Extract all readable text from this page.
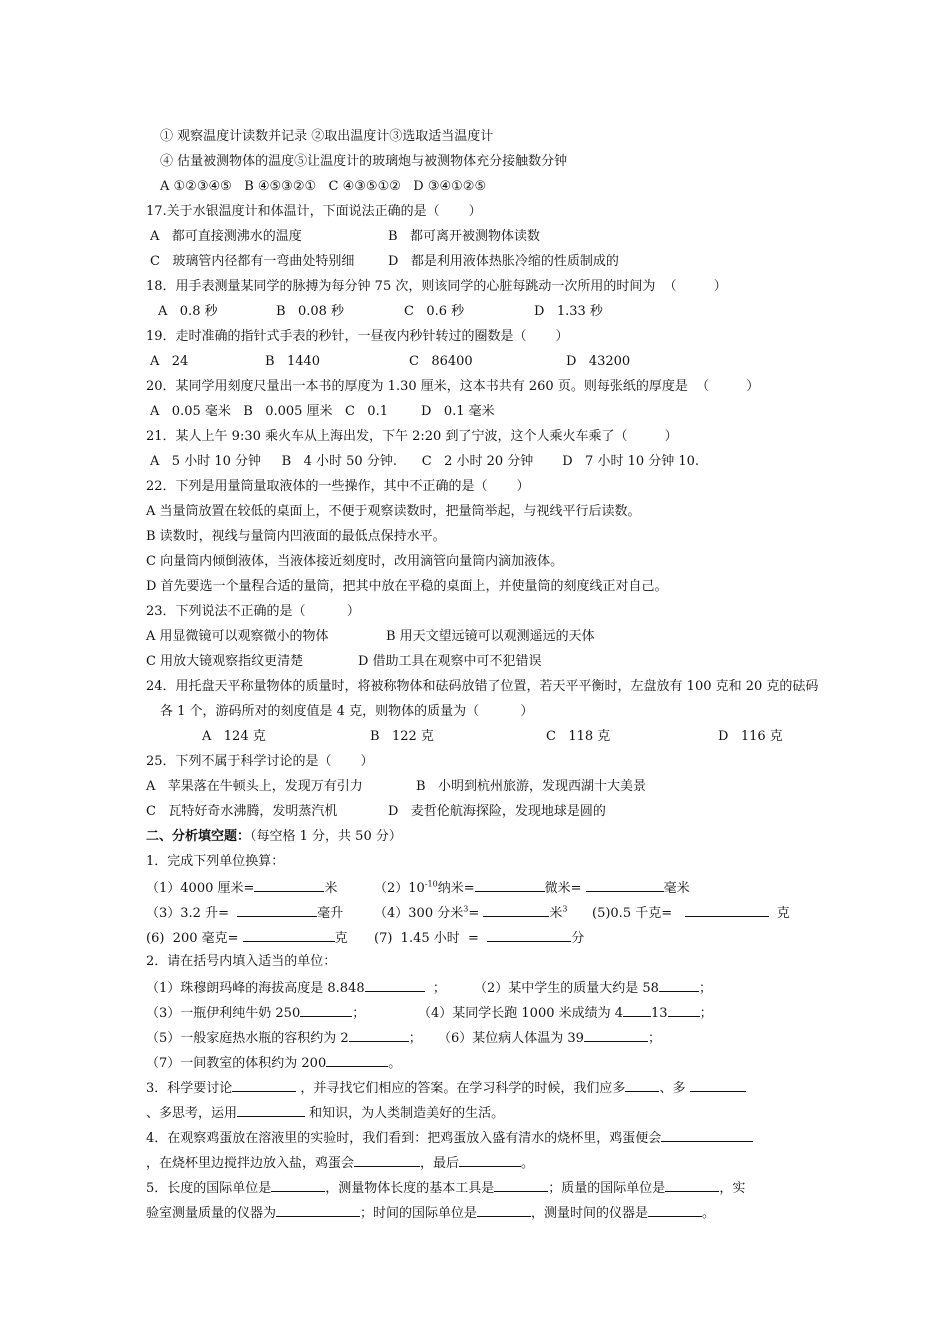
① 观察温度计读数并记录 ②取出温度计③选取适当温度计
④ 估量被测物体的温度⑤让温度计的玻璃炮与被测物体充分接触数分钟
A ①②③④⑤   B ④⑤③②①   C ④③⑤①②   D ③④①②⑤
17.关于水银温度计和体温计，下面说法正确的是（       ）
A   都可直接测沸水的温度	B   都可离开被测物体读数
C   玻璃管内径都有一弯曲处特别细	D   都是利用液体热胀冷缩的性质制成的
18．用手表测量某同学的脉搏为每分钟 75 次，则该同学的心脏每跳动一次所用的时间为  （         ）
A   0.8 秒	B   0.08 秒	C   0.6 秒	D   1.33 秒
19．走时准确的指针式手表的秒针，一昼夜内秒针转过的圈数是（       ）
A   24	B   1440	C   86400	D   43200
20．某同学用刻度尺量出一本书的厚度为 1.30 厘米，这本书共有 260 页。则每张纸的厚度是  （         ）
A   0.05 毫米   B   0.005 厘米   C   0.1        D   0.1 毫米
21．某人上午 9:30 乘火车从上海出发，下午 2:20 到了宁波，这个人乘火车乘了（         ）
A   5 小时 10 分钟     B   4 小时 50 分钟.      C   2 小时 20 分钟       D   7 小时 10 分钟 10.
22．下列是用量筒量取液体的一些操作，其中不正确的是（       ）
A 当量筒放置在较低的桌面上，不便于观察读数时，把量筒举起，与视线平行后读数。
B 读数时，视线与量筒内凹液面的最低点保持水平。
C 向量筒内倾倒液体，当液体接近刻度时，改用滴管向量筒内滴加液体。
D 首先要选一个量程合适的量筒，把其中放在平稳的桌面上，并使量筒的刻度线正对自己。
23．下列说法不正确的是（          ）
A 用显微镜可以观察微小的物体	B 用天文望远镜可以观测遥远的天体
C 用放大镜观察指纹更清楚	D 借助工具在观察中可不犯错误
24．用托盘天平称量物体的质量时，将被称物体和砝码放错了位置，若天平平衡时，左盘放有 100 克和 20 克的砝码
各 1 个，游码所对的刻度值是 4 克，则物体的质量为（          ）
A   124 克	B   122 克	C   118 克	D   116 克
25．下列不属于科学讨论的是（       ）
A   苹果落在牛顿头上，发现万有引力	B   小明到杭州旅游，发现西湖十大美景
C   瓦特好奇水沸腾，发明蒸汽机	D   麦哲伦航海探险，发现地球是圆的
二、分析填空题：（每空格 1 分，共 50 分）
1．完成下列单位换算：
（1）4000 厘米=	米	$(2)10^{-10}$纳米=	微米=	毫米
（3）3.2 升=	毫升 （4）300 分米$^3$=	米$^3$ (5)0.5 千克=	克
(6)  200 毫克=	克 (7)  1.45 小时  =	分
2．请在括号内填入适当的单位：
（1）珠穆朗玛峰的海拔高度是 8.848	； （2）某中学生的质量大约是 58	；
（3）一瓶伊利纯牛奶 250	；	（4）某同学长跑 1000 米成绩为 4 13 ；
（5）一般家庭热水瓶的容积约为 2	； （6）某位病人体温为 39	；
（7）一间教室的体积约为 200	。
3．科学要讨论	，并寻找它们相应的答案。在学习科学的时候，我们应多	、多
、多思考，运用	和知识，为人类制造美好的生活。
4．在观察鸡蛋放在溶液里的实验时，我们看到：把鸡蛋放入盛有清水的烧杯里，鸡蛋便会
，在烧杯里边搅拌边放入盐，鸡蛋会	，最后	。
5．长度的国际单位是	，测量物体长度的基本工具是	；质量的国际单位是	，实
验室测量质量的仪器为	；时间的国际单位是	，测量时间的仪器是	。
